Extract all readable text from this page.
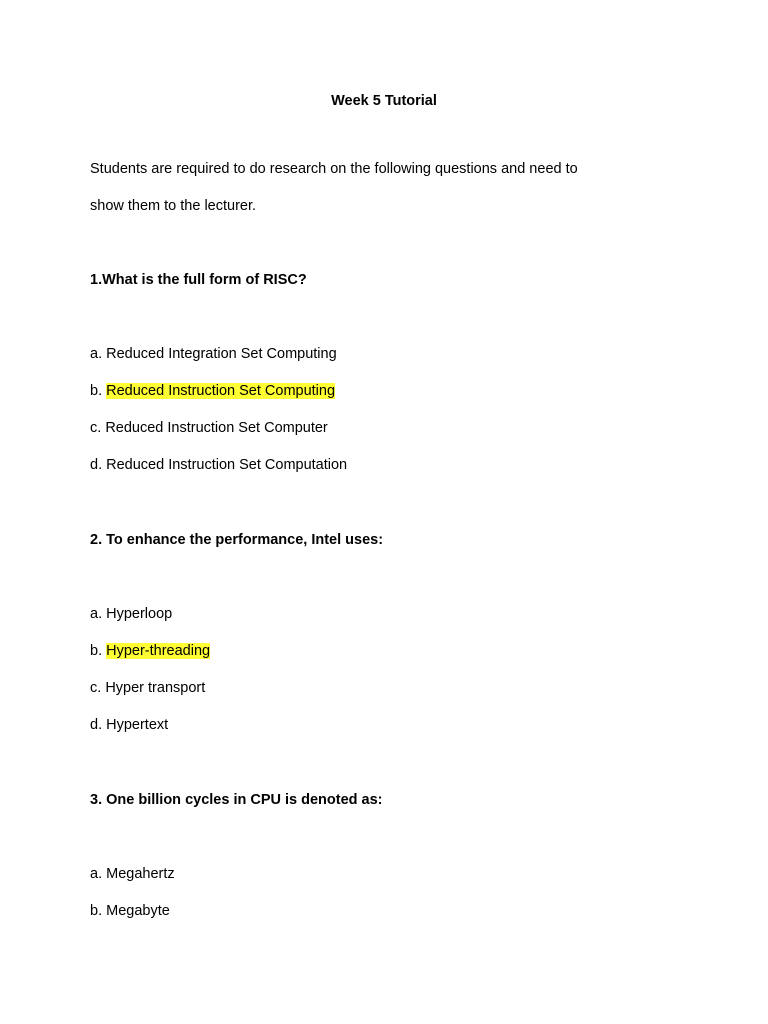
Week 5 Tutorial
Students are required to do research on the following questions and need to
show them to the lecturer.
1.What is the full form of RISC?
a. Reduced Integration Set Computing
b. Reduced Instruction Set Computing
c. Reduced Instruction Set Computer
d. Reduced Instruction Set Computation
2. To enhance the performance, Intel uses:
a. Hyperloop
b. Hyper-threading
c. Hyper transport
d. Hypertext
3. One billion cycles in CPU is denoted as:
a. Megahertz
b. Megabyte
